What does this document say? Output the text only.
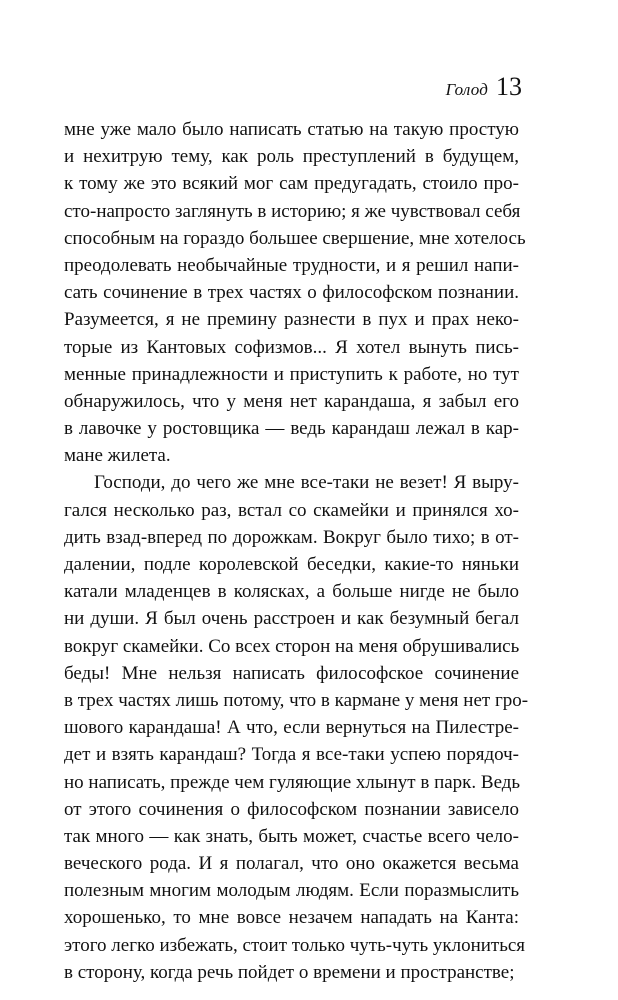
Голод 13
мне уже мало было написать статью на такую простую
и нехитрую тему, как роль преступлений в будущем,
к тому же это всякий мог сам предугадать, стоило про-
сто-напросто заглянуть в историю; я же чувствовал себя
способным на гораздо большее свершение, мне хотелось
преодолевать необычайные трудности, и я решил напи-
сать сочинение в трех частях о философском познании.
Разумеется, я не премину разнести в пух и прах неко-
торые из Кантовых софизмов... Я хотел вынуть пись-
менные принадлежности и приступить к работе, но тут
обнаружилось, что у меня нет карандаша, я забыл его
в лавочке у ростовщика — ведь карандаш лежал в кар-
мане жилета.
Господи, до чего же мне все-таки не везет! Я выру-
гался несколько раз, встал со скамейки и принялся хо-
дить взад-вперед по дорожкам. Вокруг было тихо; в от-
далении, подле королевской беседки, какие-то няньки
катали младенцев в колясках, а больше нигде не было
ни души. Я был очень расстроен и как безумный бегал
вокруг скамейки. Со всех сторон на меня обрушивались
беды! Мне нельзя написать философское сочинение
в трех частях лишь потому, что в кармане у меня нет гро-
шового карандаша! А что, если вернуться на Пилестре-
дет и взять карандаш? Тогда я все-таки успею порядоч-
но написать, прежде чем гуляющие хлынут в парк. Ведь
от этого сочинения о философском познании зависело
так много — как знать, быть может, счастье всего чело-
веческого рода. И я полагал, что оно окажется весьма
полезным многим молодым людям. Если поразмыслить
хорошенько, то мне вовсе незачем нападать на Канта:
этого легко избежать, стоит только чуть-чуть уклониться
в сторону, когда речь пойдет о времени и пространстве;
